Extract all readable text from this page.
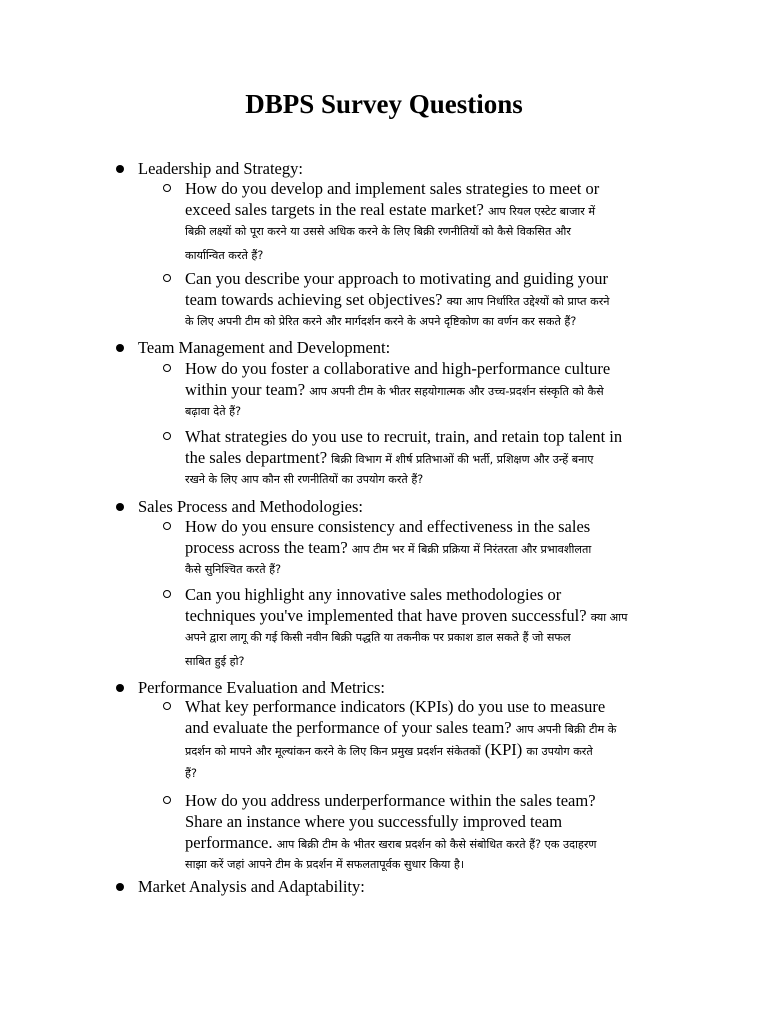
DBPS Survey Questions
Leadership and Strategy:
How do you develop and implement sales strategies to meet or
exceed sales targets in the real estate market? आप रियल एस्टेट बाजार में
बिक्री लक्ष्यों को पूरा करने या उससे अधिक करने के लिए बिक्री रणनीतियों को कैसे विकसित और
कार्यान्वित करते हैं?
Can you describe your approach to motivating and guiding your
team towards achieving set objectives? क्या आप निर्धारित उद्देश्यों को प्राप्त करने
के लिए अपनी टीम को प्रेरित करने और मार्गदर्शन करने के अपने दृष्टिकोण का वर्णन कर सकते हैं?
Team Management and Development:
How do you foster a collaborative and high-performance culture
within your team? आप अपनी टीम के भीतर सहयोगात्मक और उच्च-प्रदर्शन संस्कृति को कैसे
बढ़ावा देते हैं?
What strategies do you use to recruit, train, and retain top talent in
the sales department? बिक्री विभाग में शीर्ष प्रतिभाओं की भर्ती, प्रशिक्षण और उन्हें बनाए
रखने के लिए आप कौन सी रणनीतियों का उपयोग करते हैं?
Sales Process and Methodologies:
How do you ensure consistency and effectiveness in the sales
process across the team? आप टीम भर में बिक्री प्रक्रिया में निरंतरता और प्रभावशीलता
कैसे सुनिश्चित करते हैं?
Can you highlight any innovative sales methodologies or
techniques you've implemented that have proven successful? क्या आप
अपने द्वारा लागू की गई किसी नवीन बिक्री पद्धति या तकनीक पर प्रकाश डाल सकते हैं जो सफल
साबित हुई हो?
Performance Evaluation and Metrics:
What key performance indicators (KPIs) do you use to measure
and evaluate the performance of your sales team? आप अपनी बिक्री टीम के
प्रदर्शन को मापने और मूल्यांकन करने के लिए किन प्रमुख प्रदर्शन संकेतकों (KPI) का उपयोग करते
हैं?
How do you address underperformance within the sales team?
Share an instance where you successfully improved team
performance. आप बिक्री टीम के भीतर खराब प्रदर्शन को कैसे संबोधित करते हैं? एक उदाहरण
साझा करें जहां आपने टीम के प्रदर्शन में सफलतापूर्वक सुधार किया है।
Market Analysis and Adaptability:
